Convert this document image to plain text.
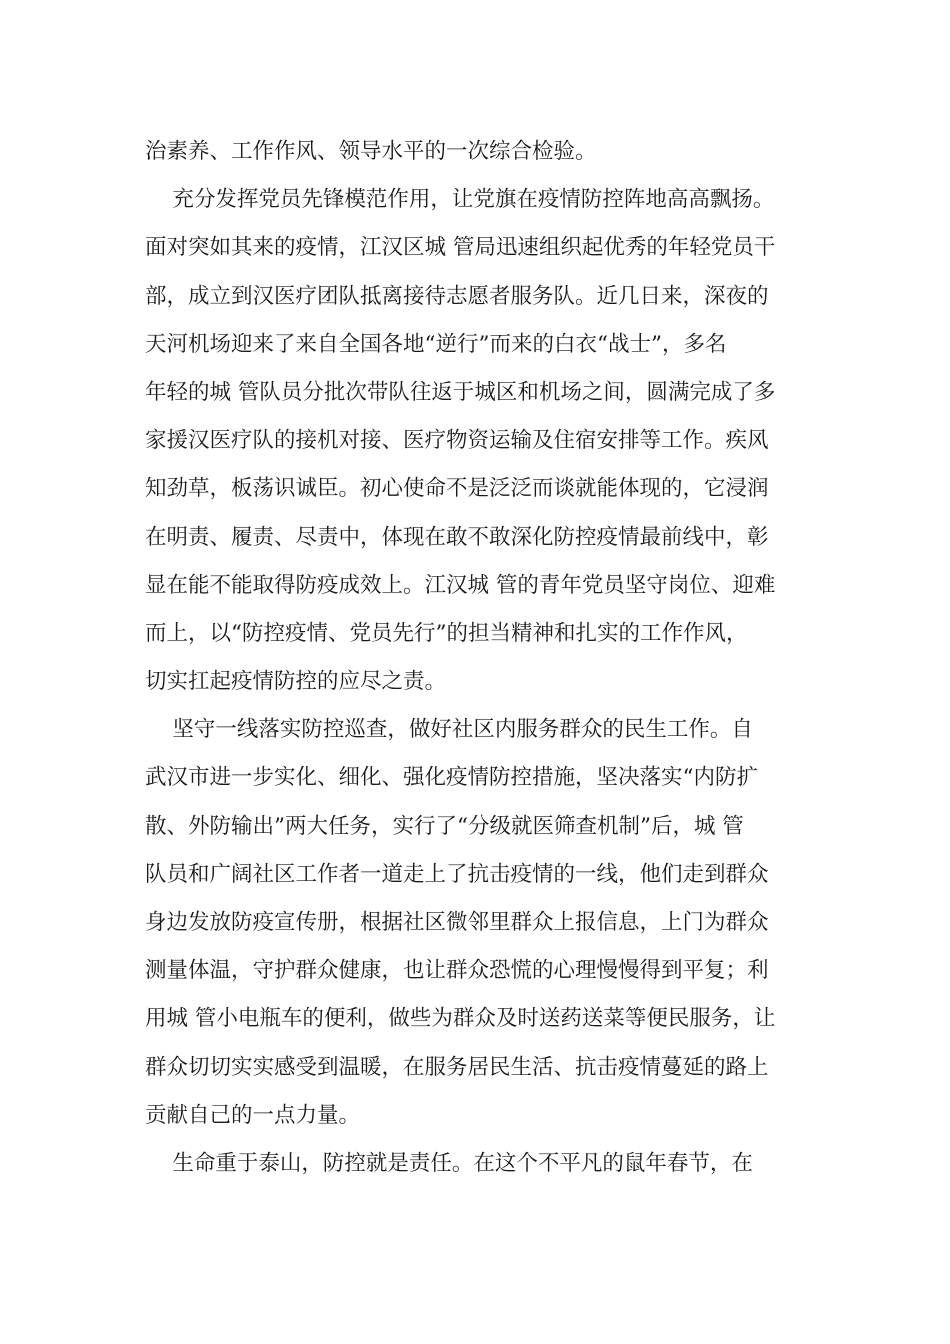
治素养、工作作风、领导水平的一次综合检验。
充分发挥党员先锋模范作用，让党旗在疫情防控阵地高高飘扬。
面对突如其来的疫情，江汉区城 管局迅速组织起优秀的年轻党员干
部，成立到汉医疗团队抵离接待志愿者服务队。近几日来，深夜的
天河机场迎来了来自全国各地“逆行”而来的白衣“战士”，多名
年轻的城 管队员分批次带队往返于城区和机场之间，圆满完成了多
家援汉医疗队的接机对接、医疗物资运输及住宿安排等工作。疾风
知劲草，板荡识诚臣。初心使命不是泛泛而谈就能体现的，它浸润
在明责、履责、尽责中，体现在敢不敢深化防控疫情最前线中，彰
显在能不能取得防疫成效上。江汉城 管的青年党员坚守岗位、迎难
而上，以“防控疫情、党员先行”的担当精神和扎实的工作作风，
切实扛起疫情防控的应尽之责。
坚守一线落实防控巡查，做好社区内服务群众的民生工作。自
武汉市进一步实化、细化、强化疫情防控措施，坚决落实“内防扩
散、外防输出”两大任务，实行了“分级就医筛查机制”后，城 管
队员和广阔社区工作者一道走上了抗击疫情的一线，他们走到群众
身边发放防疫宣传册，根据社区微邻里群众上报信息，上门为群众
测量体温，守护群众健康，也让群众恐慌的心理慢慢得到平复；利
用城 管小电瓶车的便利，做些为群众及时送药送菜等便民服务，让
群众切切实实感受到温暖，在服务居民生活、抗击疫情蔓延的路上
贡献自己的一点力量。
生命重于泰山，防控就是责任。在这个不平凡的鼠年春节，在
